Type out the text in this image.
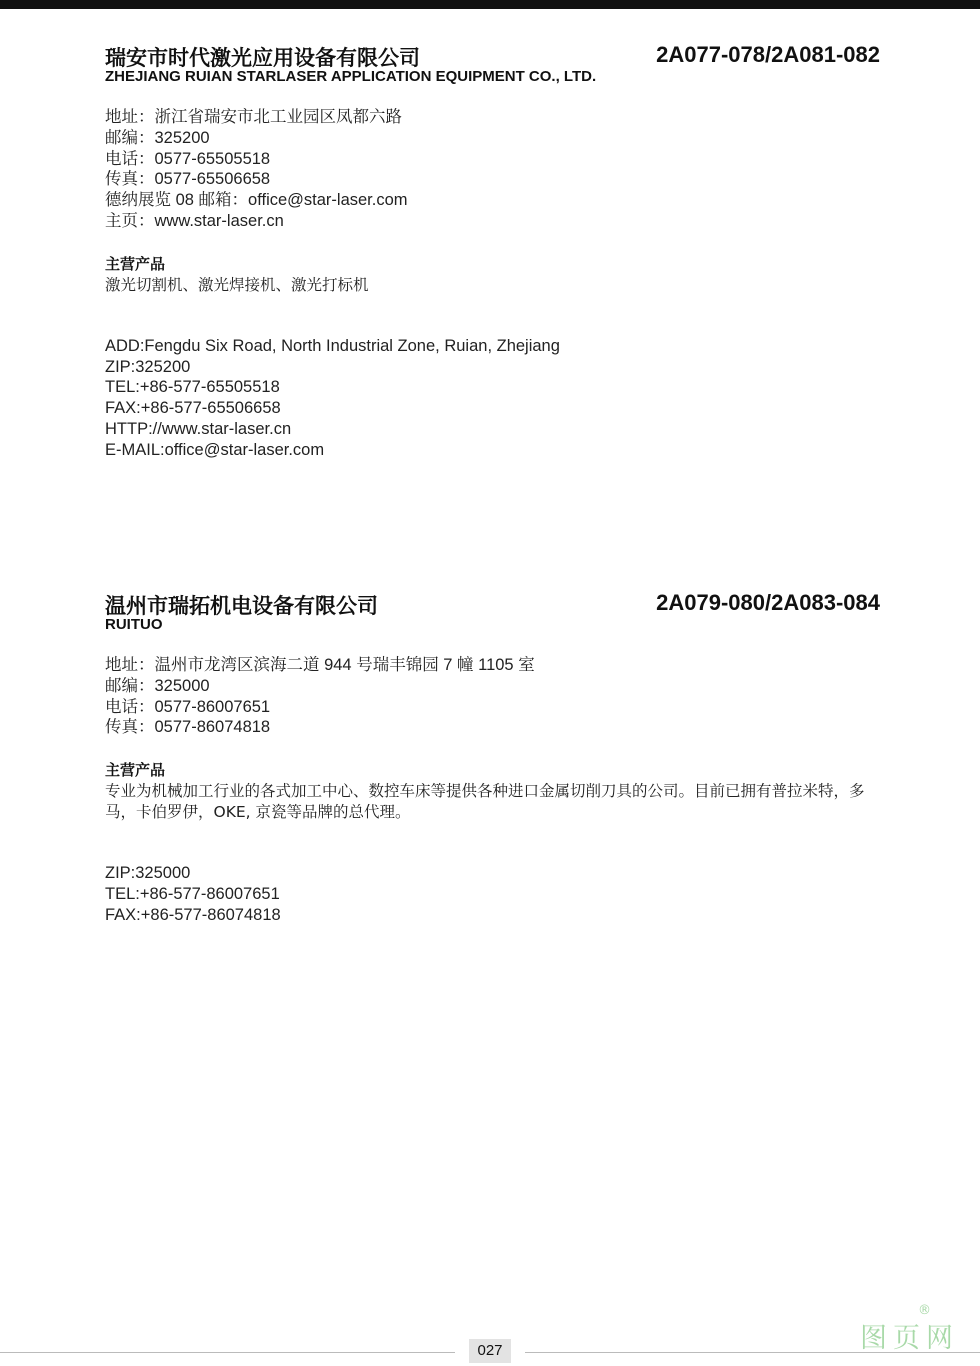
瑞安市时代激光应用设备有限公司	2A077-078/2A081-082
ZHEJIANG RUIAN STARLASER APPLICATION EQUIPMENT CO., LTD.
地址：浙江省瑞安市北工业园区凤都六路
邮编：325200
电话：0577-65505518
传真：0577-65506658
德纳展览 08 邮箱：office@star-laser.com
主页：www.star-laser.cn
主营产品
激光切割机、激光焊接机、激光打标机
ADD:Fengdu Six Road, North Industrial Zone, Ruian, Zhejiang
ZIP:325200
TEL:+86-577-65505518
FAX:+86-577-65506658
HTTP://www.star-laser.cn
E-MAIL:office@star-laser.com
温州市瑞拓机电设备有限公司	2A079-080/2A083-084
RUITUO
地址：温州市龙湾区滨海二道 944 号瑞丰锦园 7 幢 1105 室
邮编：325000
电话：0577-86007651
传真：0577-86074818
主营产品
专业为机械加工行业的各式加工中心、数控车床等提供各种进口金属切削刀具的公司。目前已拥有普拉米特，多马，卡伯罗伊，OKE, 京瓷等品牌的总代理。
ZIP:325000
TEL:+86-577-86007651
FAX:+86-577-86074818
027	图页网
®
